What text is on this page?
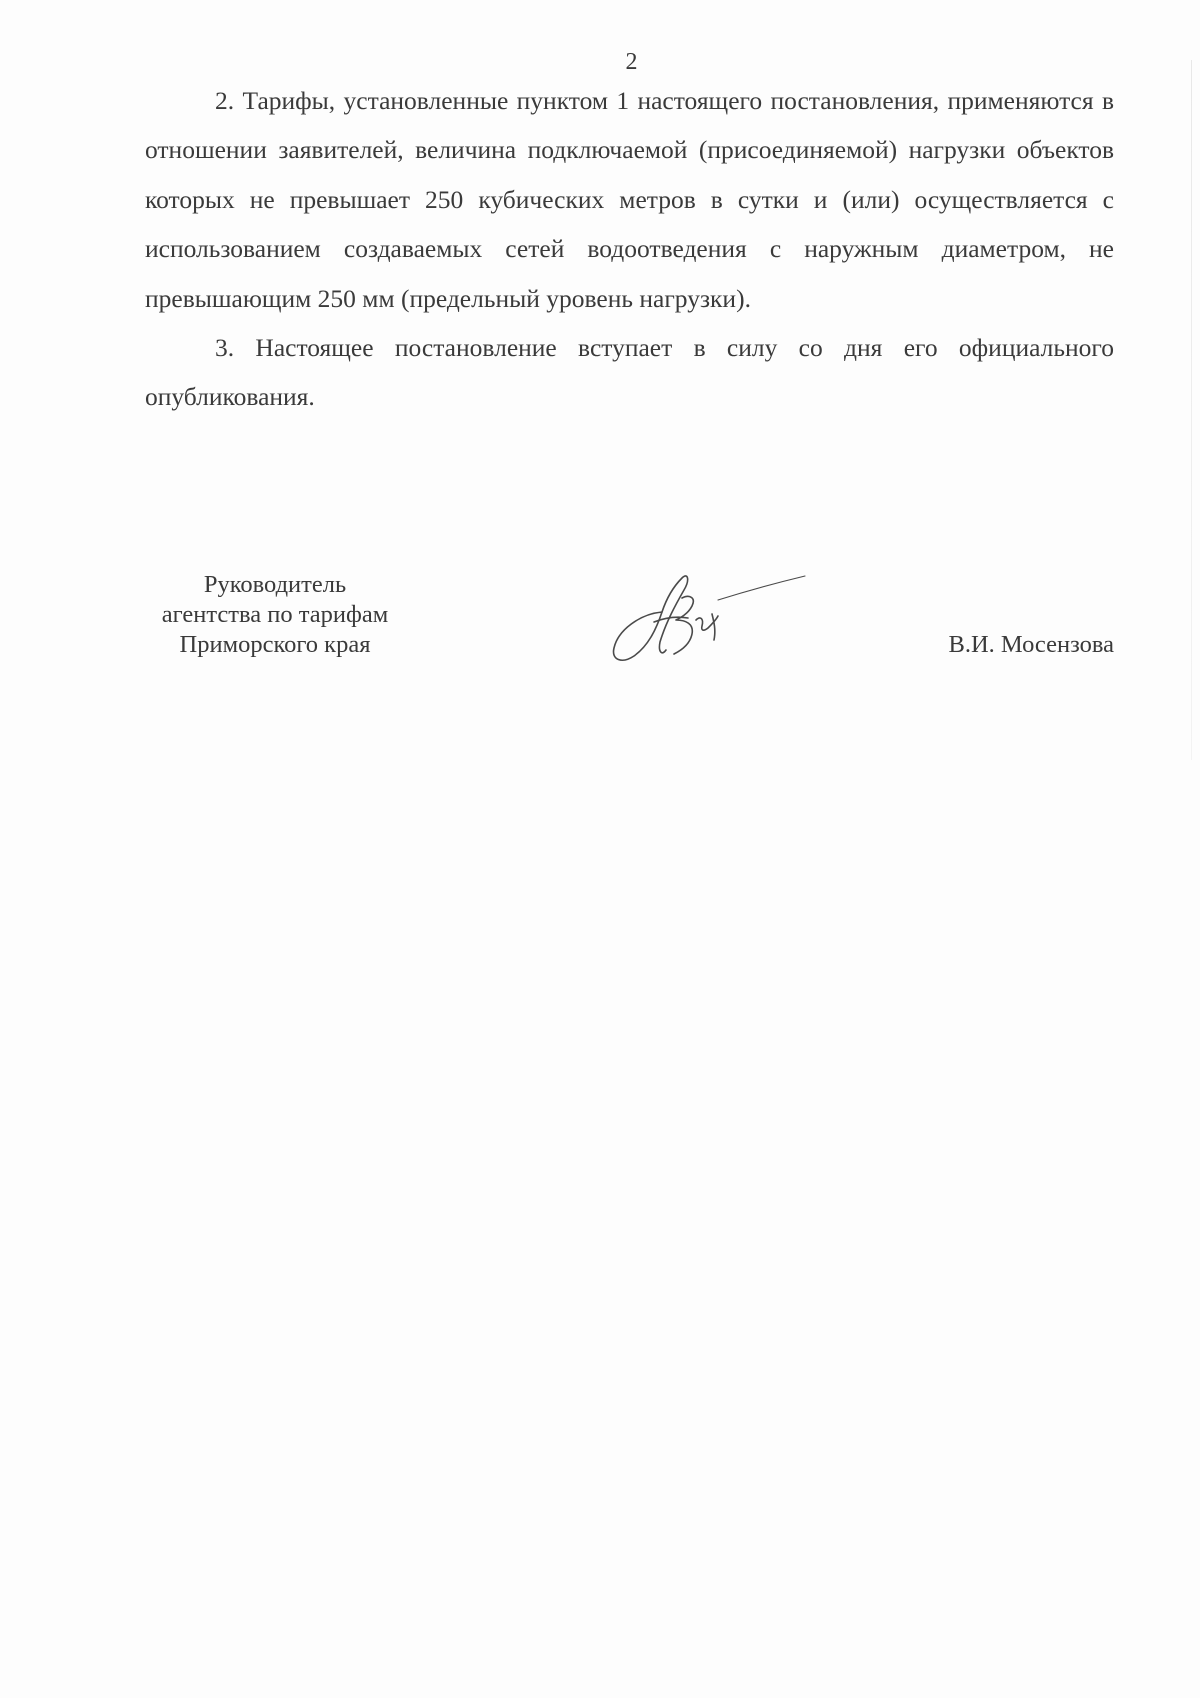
2

2. Тарифы, установленные пунктом 1 настоящего постановления, применяются в отношении заявителей, величина подключаемой (присоединяемой) нагрузки объектов которых не превышает 250 кубических метров в сутки и (или) осуществляется с использованием создаваемых сетей водоотведения с наружным диаметром, не превышающим 250 мм (предельный уровень нагрузки).

3. Настоящее постановление вступает в силу со дня его официального опубликования.

Руководитель
агентства по тарифам
Приморского края	В.И. Мосензова
